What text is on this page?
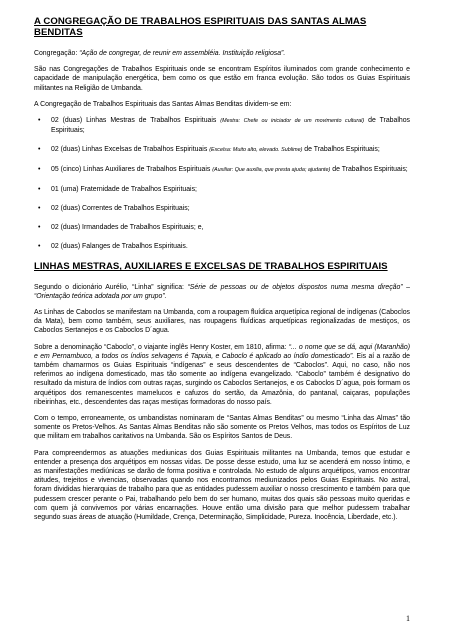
A CONGREGAÇÃO DE TRABALHOS ESPIRITUAIS DAS SANTAS ALMAS BENDITAS

Congregação: “Ação de congregar, de reunir em assembléia. Instituição religiosa”.

São nas Congregações de Trabalhos Espirituais onde se encontram Espíritos iluminados com grande conhecimento e capacidade de manipulação energética, bem como os que estão em franca evolução. São todos os Guias Espirituais militantes na Religião de Umbanda.

A Congregação de Trabalhos Espirituais das Santas Almas Benditas dividem-se em:

• 02 (duas) Linhas Mestras de Trabalhos Espirituais (Mestra: Chefe ou iniciador de um movimento cultural) de Trabalhos Espirituais;
• 02 (duas) Linhas Excelsas de Trabalhos Espirituais (Excelsa: Muito alto, elevado. Sublime) de Trabalhos Espirituais;
• 05 (cinco) Linhas Auxiliares de Trabalhos Espirituais (Auxiliar: Que auxilia, que presta ajuda; ajudante) de Trabalhos Espirituais;
• 01 (uma) Fraternidade de Trabalhos Espirituais;
• 02 (duas) Correntes de Trabalhos Espirituais;
• 02 (duas) Irmandades de Trabalhos Espirituais; e,
• 02 (duas) Falanges de Trabalhos Espirituais.
LINHAS MESTRAS, AUXILIARES E EXCELSAS DE TRABALHOS ESPIRITUAIS

Segundo o dicionário Aurélio, “Linha” significa: “Série de pessoas ou de objetos dispostos numa mesma direção” – “Orientação teórica adotada por um grupo”.

As Linhas de Caboclos se manifestam na Umbanda, com a roupagem fluídica arquetípica regional de indígenas (Caboclos da Mata), bem como também, seus auxiliares, nas roupagens fluídicas arquetípicas regionalizadas de mestiços, os Caboclos Sertanejos e os Caboclos D´agua.

Sobre a denominação “Caboclo”, o viajante inglês Henry Koster, em 1810, afirma: “... o nome que se dá, aqui (Maranhão) e em Pernambuco, a todos os índios selvagens é Tapuia, e Caboclo é aplicado ao índio domesticado”. Eis aí a razão de também chamarmos os Guias Espirituais “indígenas” e seus descendentes de “Caboclos”. Aqui, no caso, não nos referimos ao indígena domesticado, mas tão somente ao indígena evangelizado. “Caboclo” também é designativo do resultado da mistura de índios com outras raças, surgindo os Caboclos Sertanejos, e os Caboclos D´agua, pois formam os arquétipos dos remanescentes mamelucos e cafuzos do sertão, da Amazônia, do pantanal, caiçaras, populações ribeirinhas, etc., descendentes das raças mestiças formadoras do nosso país.

Com o tempo, erroneamente, os umbandistas nominaram de “Santas Almas Benditas” ou mesmo “Linha das Almas” tão somente os Pretos-Velhos. As Santas Almas Benditas não são somente os Pretos Velhos, mas todos os Espíritos de Luz que militam em trabalhos caritativos na Umbanda. São os Espíritos Santos de Deus.

Para compreendermos as atuações mediunicas dos Guias Espirituais militantes na Umbanda, temos que estudar e entender a presença dos arquétipos em nossas vidas. De posse desse estudo, uma luz se acenderá em nosso íntimo, e as manifestações mediúnicas se darão de forma positiva e controlada. No estudo de alguns arquétipos, vamos encontrar atitudes, trejeitos e vivencias, observadas quando nos encontramos mediunizados pelos Guias Espirituais. No astral, foram divididas hierarquias de trabalho para que as entidades pudessem auxiliar o nosso crescimento e também para que pudessem crescer perante o Pai, trabalhando pelo bem do ser humano, muitas dos quais são pessoas muito queridas e com quem já convivemos por várias encarnações. Houve então uma divisão para que melhor pudessem trabalhar segundo suas áreas de atuação (Humildade, Crença, Determinação, Simplicidade, Pureza. Inocência, Liberdade, etc.).

1
